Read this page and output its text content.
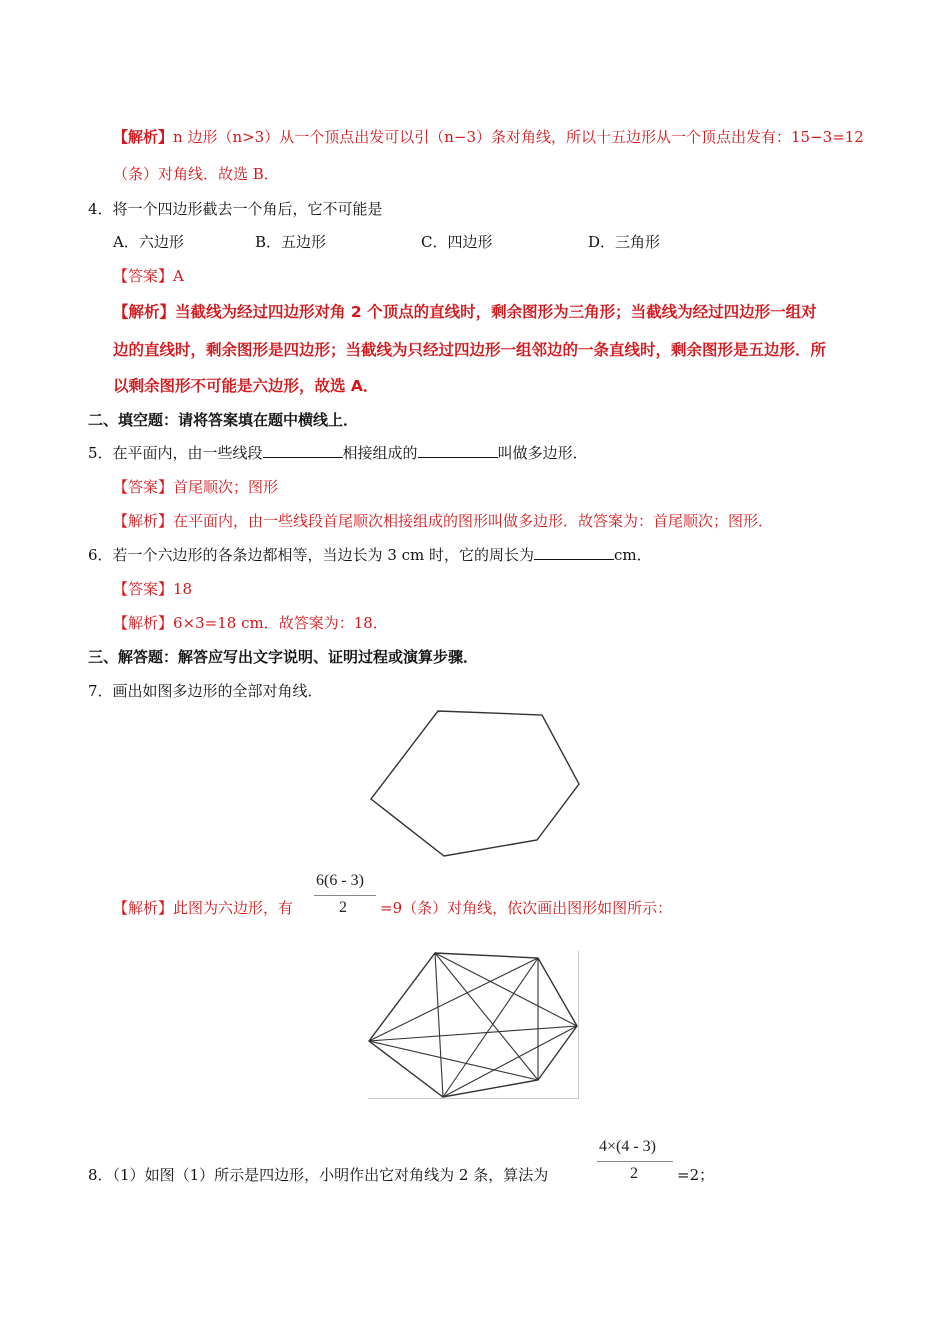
【解析】n 边形（n>3）从一个顶点出发可以引（n−3）条对角线，所以十五边形从一个顶点出发有：15−3=12
（条）对角线．故选 B．
4．将一个四边形截去一个角后，它不可能是
A．六边形	B．五边形	C．四边形	D．三角形
【答案】A
【解析】当截线为经过四边形对角 2 个顶点的直线时，剩余图形为三角形；当截线为经过四边形一组对
边的直线时，剩余图形是四边形；当截线为只经过四边形一组邻边的一条直线时，剩余图形是五边形．所
以剩余图形不可能是六边形，故选 A．
二、填空题：请将答案填在题中横线上．
5．在平面内，由一些线段	相接组成的	叫做多边形．
【答案】首尾顺次；图形
【解析】在平面内，由一些线段首尾顺次相接组成的图形叫做多边形．故答案为：首尾顺次；图形．
6．若一个六边形的各条边都相等，当边长为 3 cm 时，它的周长为	cm．
【答案】18
【解析】6×3=18 cm．故答案为：18．
三、解答题：解答应写出文字说明、证明过程或演算步骤．
7．画出如图多边形的全部对角线．
【解析】此图为六边形，有
6(6 - 3)
2 =9（条）对角线，依次画出图形如图所示：
4×(4 - 3)
2
8．（1）如图（1）所示是四边形，小明作出它对角线为 2 条，算法为	=2；
